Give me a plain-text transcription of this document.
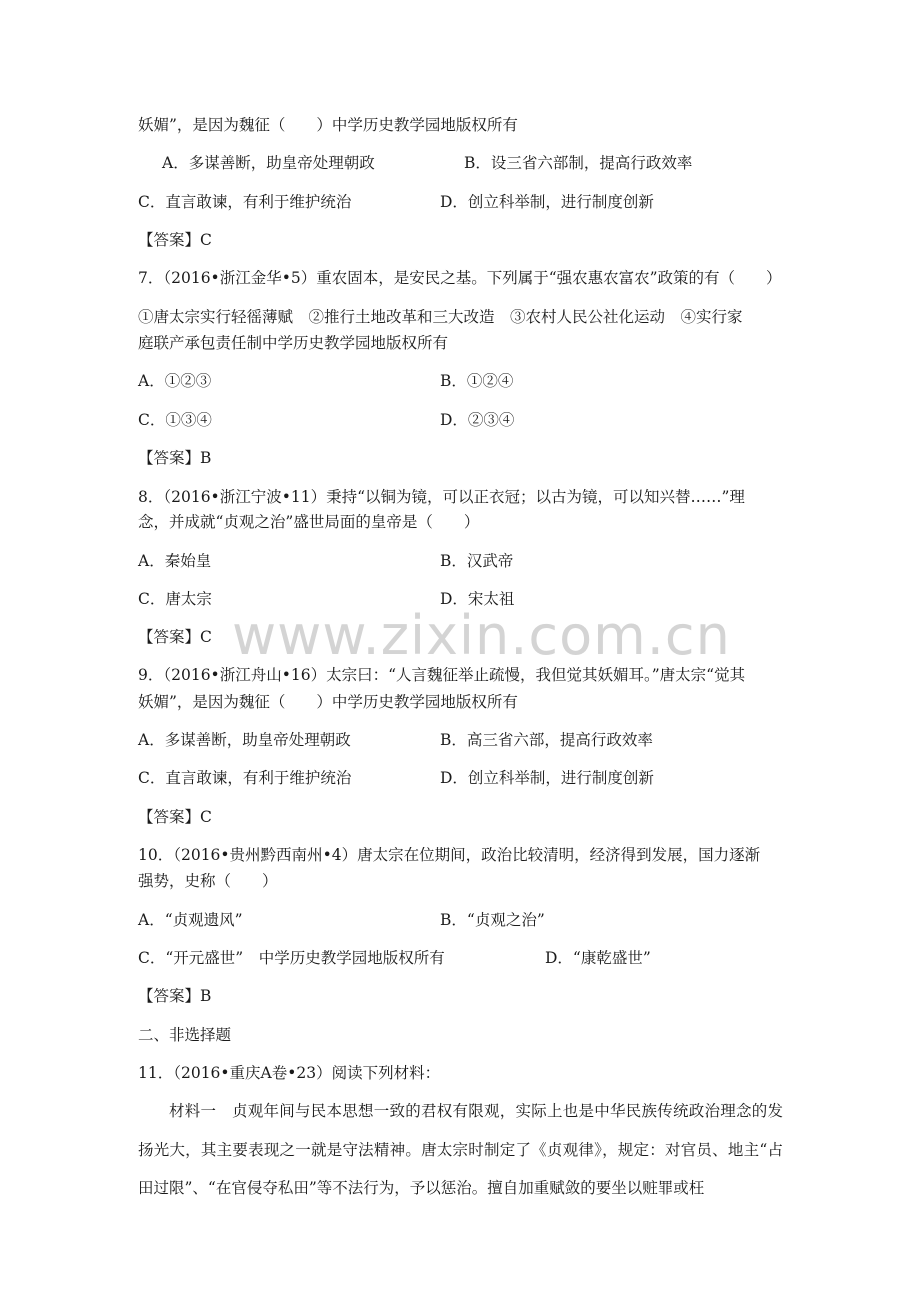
妖媚”，是因为魏征（　　）中学历史教学园地版权所有
A．多谋善断，助皇帝处理朝政	B．设三省六部制，提高行政效率
C．直言敢谏，有利于维护统治	D．创立科举制，进行制度创新
【答案】C
7．（2016•浙江金华•5）重农固本，是安民之基。下列属于“强农惠农富农”政策的有（　　）
①唐太宗实行轻徭薄赋　②推行土地改革和三大改造　③农村人民公社化运动　④实行家
庭联产承包责任制中学历史教学园地版权所有
A．①②③	B．①②④
C．①③④	D．②③④
【答案】B
8．（2016•浙江宁波•11）秉持“以铜为镜，可以正衣冠；以古为镜，可以知兴替……”理
念，并成就“贞观之治”盛世局面的皇帝是（　　）
A．秦始皇	B．汉武帝
C．唐太宗	D．宋太祖
【答案】C
9．（2016•浙江舟山•16）太宗曰：“人言魏征举止疏慢，我但觉其妖媚耳。”唐太宗“觉其
妖媚”，是因为魏征（　　）中学历史教学园地版权所有
A．多谋善断，助皇帝处理朝政	B．高三省六部，提高行政效率
C．直言敢谏，有利于维护统治	D．创立科举制，进行制度创新
【答案】C
10．（2016•贵州黔西南州•4）唐太宗在位期间，政治比较清明，经济得到发展，国力逐渐
强势，史称（　　）
A．“贞观遗风”	B．“贞观之治”
C．“开元盛世”　中学历史教学园地版权所有	D．“康乾盛世”
【答案】B
二、非选择题
11．（2016•重庆A卷•23）阅读下列材料：
材料一　贞观年间与民本思想一致的君权有限观，实际上也是中华民族传统政治理念的发扬光大，其主要表现之一就是守法精神。唐太宗时制定了《贞观律》，规定：对官员、地主“占田过限”、“在官侵夺私田”等不法行为，予以惩治。擅自加重赋敛的要坐以赃罪或枉
www.zixin.com.cn
